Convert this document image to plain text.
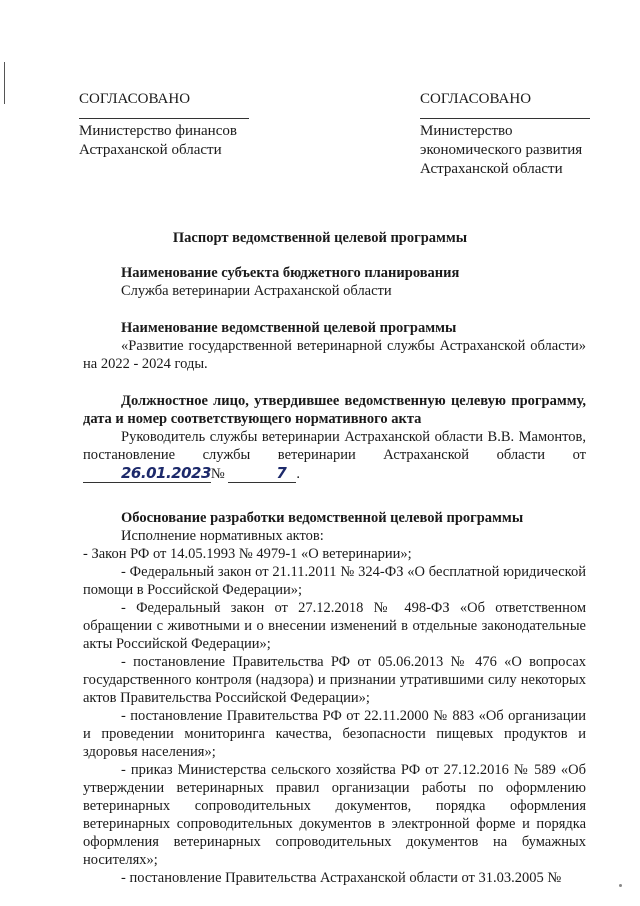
СОГЛАСОВАНО
Министерство финансов
Астраханской области
СОГЛАСОВАНО
Министерство
экономического развития
Астраханской области
Паспорт ведомственной целевой программы
Наименование субъекта бюджетного планирования
Служба ветеринарии Астраханской области
Наименование ведомственной целевой программы
«Развитие государственной ветеринарной службы Астраханской области» на 2022 - 2024 годы.
Должностное лицо, утвердившее ведомственную целевую программу, дата и номер соответствующего нормативного акта
Руководитель службы ветеринарии Астраханской области В.В. Мамонтов, постановление службы ветеринарии Астраханской области от 26.01.2023№	7 .
Обоснование разработки ведомственной целевой программы
Исполнение нормативных актов:
- Закон РФ от 14.05.1993 № 4979-1 «О ветеринарии»;
- Федеральный закон от 21.11.2011 № 324-ФЗ «О бесплатной юридической помощи в Российской Федерации»;
- Федеральный закон от 27.12.2018 № 498-ФЗ «Об ответственном обращении с животными и о внесении изменений в отдельные законодательные акты Российской Федерации»;
- постановление Правительства РФ от 05.06.2013 № 476 «О вопросах государственного контроля (надзора) и признании утратившими силу некоторых актов Правительства Российской Федерации»;
- постановление Правительства РФ от 22.11.2000 № 883 «Об организации и проведении мониторинга качества, безопасности пищевых продуктов и здоровья населения»;
- приказ Министерства сельского хозяйства РФ от 27.12.2016 № 589 «Об утверждении ветеринарных правил организации работы по оформлению ветеринарных сопроводительных документов, порядка оформления ветеринарных сопроводительных документов в электронной форме и порядка оформления ветеринарных сопроводительных документов на бумажных носителях»;
- постановление Правительства Астраханской области от 31.03.2005 №
